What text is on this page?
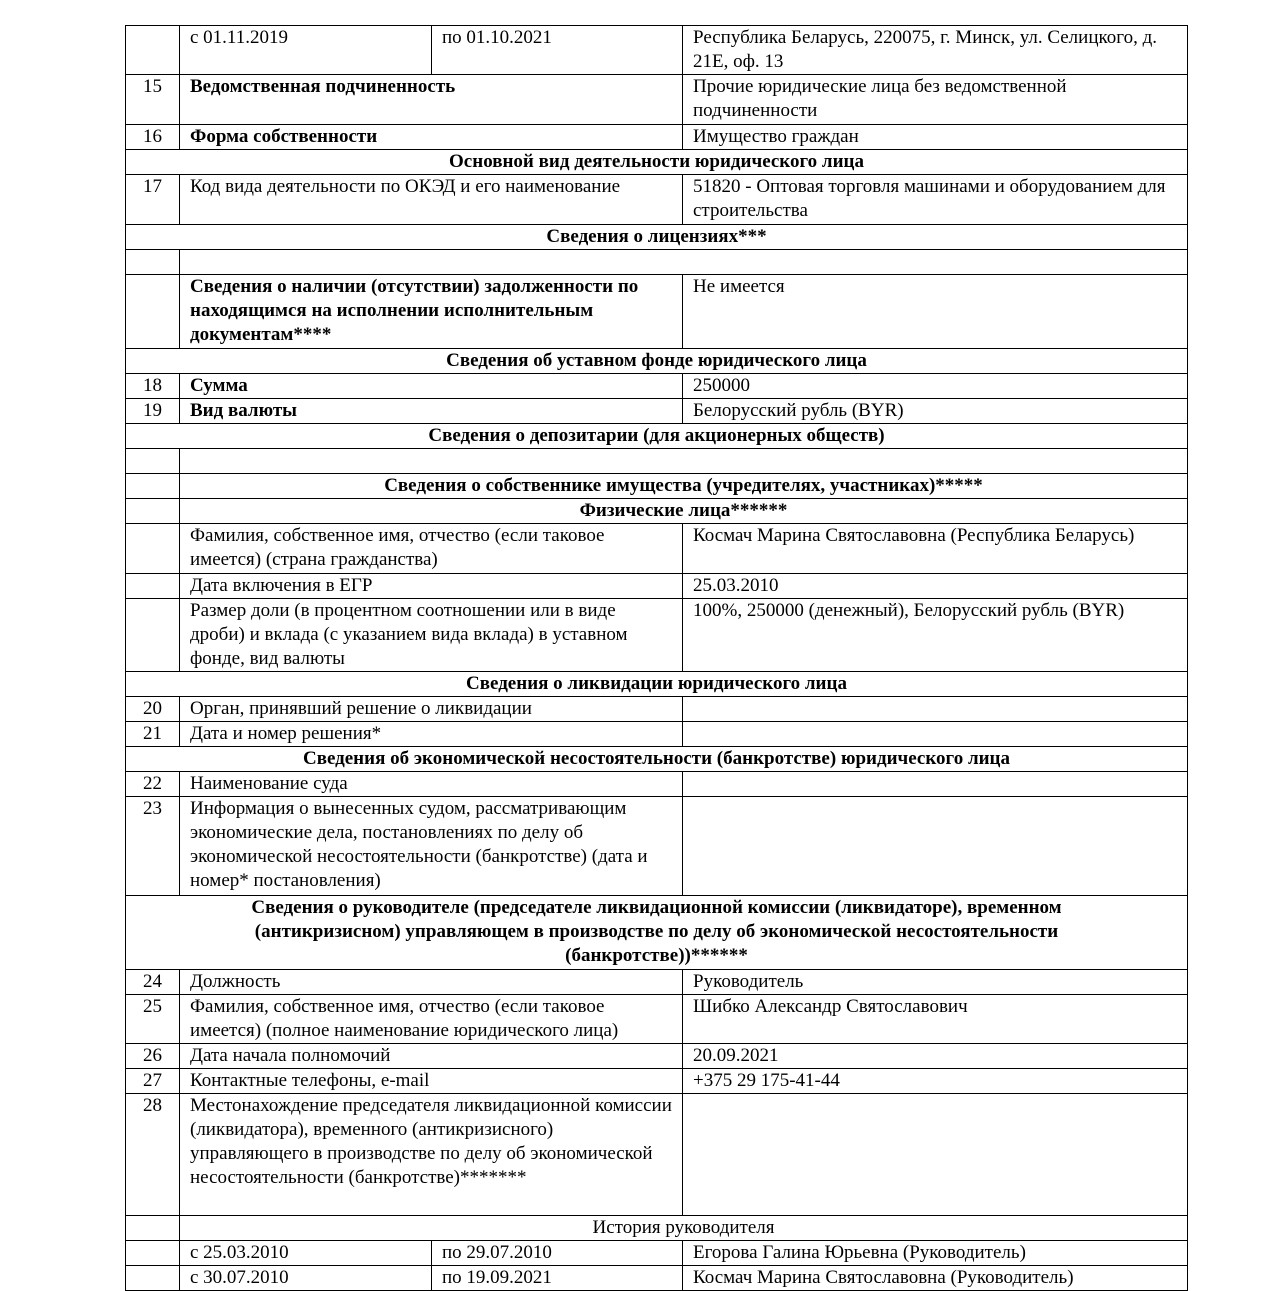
	с 01.11.2019	по 01.10.2021	Республика Беларусь, 220075, г. Минск, ул. Селицкого, д. 21Е, оф. 13
15	Ведомственная подчиненность		Прочие юридические лица без ведомственной подчиненности
16	Форма собственности		Имущество граждан
Основной вид деятельности юридического лица			
17	Код вида деятельности по ОКЭД и его наименование		51820 - Оптовая торговля машинами и оборудованием для строительства
Сведения о лицензиях***			

	Сведения о наличии (отсутствии) задолженности по находящимся на исполнении исполнительным документам****		Не имеется
Сведения об уставном фонде юридического лица			
18	Сумма		250000
19	Вид валюты		Белорусский рубль (BYR)
Сведения о депозитарии (для акционерных обществ)			

	Сведения о собственнике имущества (учредителях, участниках)*****		
	Физические лица******		
	Фамилия, собственное имя, отчество (если таковое имеется) (страна гражданства)		Космач Марина Святославовна (Республика Беларусь)
	Дата включения в ЕГР		25.03.2010
	Размер доли (в процентном соотношении или в виде дроби) и вклада (с указанием вида вклада) в уставном фонде, вид валюты		100%, 250000 (денежный), Белорусский рубль (BYR)
Сведения о ликвидации юридического лица			
20	Орган, принявший решение о ликвидации		
21	Дата и номер решения*		
Сведения об экономической несостоятельности (банкротстве) юридического лица			
22	Наименование суда		
23	Информация о вынесенных судом, рассматривающим экономические дела, постановлениях по делу об экономической несостоятельности (банкротстве) (дата и номер* постановления)		
Сведения о руководителе (председателе ликвидационной комиссии (ликвидаторе), временном (антикризисном) управляющем в производстве по делу об экономической несостоятельности (банкротстве))******			
24	Должность		Руководитель
25	Фамилия, собственное имя, отчество (если таковое имеется) (полное наименование юридического лица)		Шибко Александр Святославович
26	Дата начала полномочий		20.09.2021
27	Контактные телефоны, e-mail		+375 29 175-41-44
28	Местонахождение председателя ликвидационной комиссии (ликвидатора), временного (антикризисного) управляющего в производстве по делу об экономической несостоятельности (банкротстве)*******		
	История руководителя		
	с 25.03.2010	по 29.07.2010	Егорова Галина Юрьевна (Руководитель)
	с 30.07.2010	по 19.09.2021	Космач Марина Святославовна (Руководитель)
